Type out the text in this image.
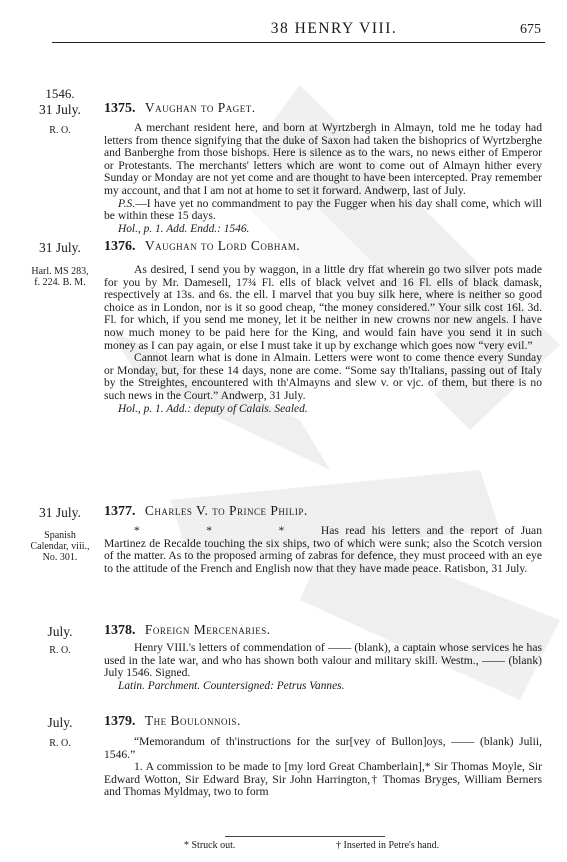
38 HENRY VIII.	675
1546.
31 July.
R. O.
1375. Vaughan to Paget.

A merchant resident here, and born at Wyrtzbergh in Almayn, told me he today had letters from thence signifying that the duke of Saxon had taken the bishoprics of Wyrtzberghe and Banberghe from those bishops. Here is silence as to the wars, no news either of Emperor or Protestants. The merchants' letters which are wont to come out of Almayn hither every Sunday or Monday are not yet come and are thought to have been intercepted. Pray remember my account, and that I am not at home to set it forward. Andwerp, last of July.

P.S.—I have yet no commandment to pay the Fugger when his day shall come, which will be within these 15 days.

Hol., p. 1. Add. Endd.: 1546.

31 July.
Harl. MS 283, f. 224. B. M.
1376. Vaughan to Lord Cobham.

As desired, I send you by waggon, in a little dry ffat wherein go two silver pots made for you by Mr. Damesell, 17¾ Fl. ells of black velvet and 16 Fl. ells of black damask, respectively at 13s. and 6s. the ell. I marvel that you buy silk here, where is neither so good choice as in London, nor is it so good cheap, “the money considered.” Your silk cost 16l. 3d. Fl. for which, if you send me money, let it be neither in new crowns nor new angels. I have now much money to be paid here for the King, and would fain have you send it in such money as I can pay again, or else I must take it up by exchange which goes now “very evil.”

Cannot learn what is done in Almain. Letters were wont to come thence every Sunday or Monday, but, for these 14 days, none are come. “Some say th'Italians, passing out of Italy by the Streightes, encountered with th'Almayns and slew v. or vjc. of them, but there is no such news in the Court.” Andwerp, 31 July.

Hol., p. 1. Add.: deputy of Calais. Sealed.

31 July.
Spanish Calendar, viii., No. 301.
1377. Charles V. to Prince Philip.

* * * Has read his letters and the report of Juan Martinez de Recalde touching the six ships, two of which were sunk; also the Scotch version of the matter. As to the proposed arming of zabras for defence, they must proceed with an eye to the attitude of the French and English now that they have made peace. Ratisbon, 31 July.

July.
R. O.
1378. Foreign Mercenaries.

Henry VIII.'s letters of commendation of —— (blank), a captain whose services he has used in the late war, and who has shown both valour and military skill. Westm., —— (blank) July 1546. Signed.

Latin. Parchment. Countersigned: Petrus Vannes.

July.
R. O.
1379. The Boulonnois.

“Memorandum of th'instructions for the sur[vey of Bullon]oys, —— (blank) Julii, 1546.”

1. A commission to be made to [my lord Great Chamberlain],* Sir Thomas Moyle, Sir Edward Wotton, Sir Edward Bray, Sir John Harrington,† Thomas Bryges, William Berners and Thomas Myldmay, two to form

* Struck out.	† Inserted in Petre's hand.
